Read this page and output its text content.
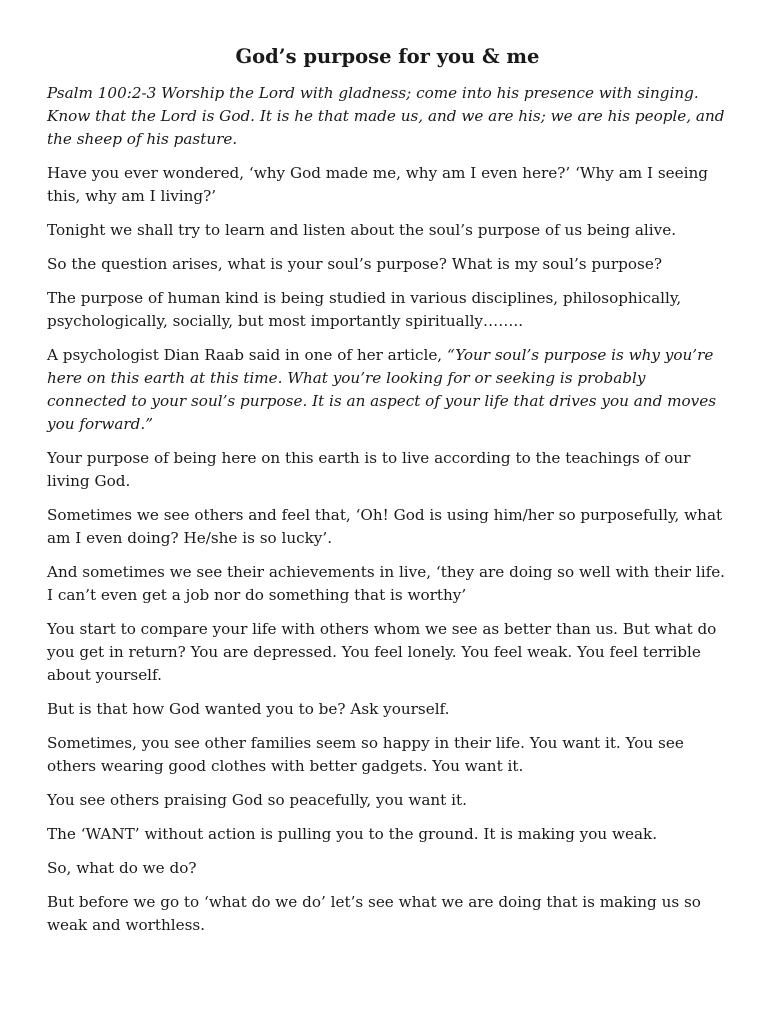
God’s purpose for you & me

Psalm 100:2-3 Worship the Lord with gladness; come into his presence with singing. Know that the Lord is God. It is he that made us, and we are his; we are his people, and the sheep of his pasture.

Have you ever wondered, ‘why God made me, why am I even here?’ ‘Why am I seeing this, why am I living?’

Tonight we shall try to learn and listen about the soul’s purpose of us being alive.

So the question arises, what is your soul’s purpose? What is my soul’s purpose?

The purpose of human kind is being studied in various disciplines, philosophically, psychologically, socially, but most importantly spiritually……..

A psychologist Dian Raab said in one of her article, “Your soul’s purpose is why you’re here on this earth at this time. What you’re looking for or seeking is probably connected to your soul’s purpose. It is an aspect of your life that drives you and moves you forward.”

Your purpose of being here on this earth is to live according to the teachings of our living God.

Sometimes we see others and feel that, ‘Oh! God is using him/her so purposefully, what am I even doing? He/she is so lucky’.

And sometimes we see their achievements in live, ‘they are doing so well with their life. I can’t even get a job nor do something that is worthy’

You start to compare your life with others whom we see as better than us. But what do you get in return? You are depressed. You feel lonely. You feel weak. You feel terrible about yourself.

But is that how God wanted you to be? Ask yourself.

Sometimes, you see other families seem so happy in their life. You want it. You see others wearing good clothes with better gadgets. You want it.

You see others praising God so peacefully, you want it.

The ‘WANT’ without action is pulling you to the ground. It is making you weak.

So, what do we do?

But before we go to ‘what do we do’ let’s see what we are doing that is making us so weak and worthless.
